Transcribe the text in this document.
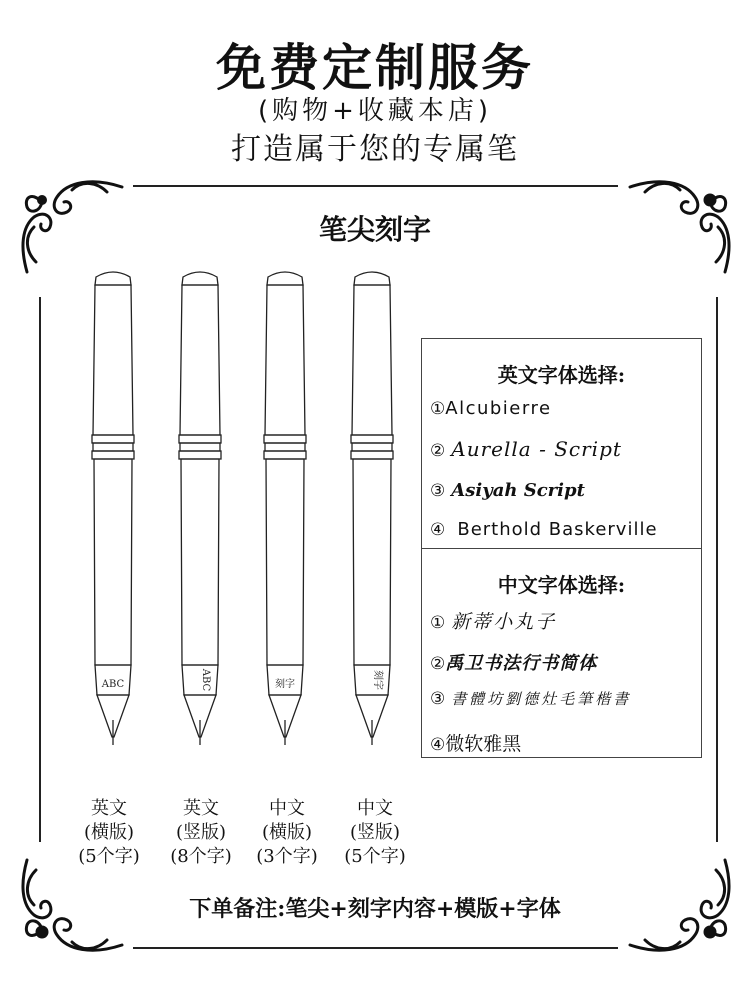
免费定制服务
(购物+收藏本店)
打造属于您的专属笔
笔尖刻字
ABC	ABC	刻字	刻字
英文
(横版)
(5个字)
英文
(竖版)
(8个字)
中文
(横版)
(3个字)
中文
(竖版)
(5个字)
英文字体选择:
①Alcubierre
② Aurella - Script
③ Asiyah Script
④ Berthold Baskerville
中文字体选择:
① 新蒂小丸子
②禹卫书法行书简体
③ 書體坊劉德灶毛筆楷書
④微软雅黑
下单备注:笔尖+刻字内容+模版+字体
